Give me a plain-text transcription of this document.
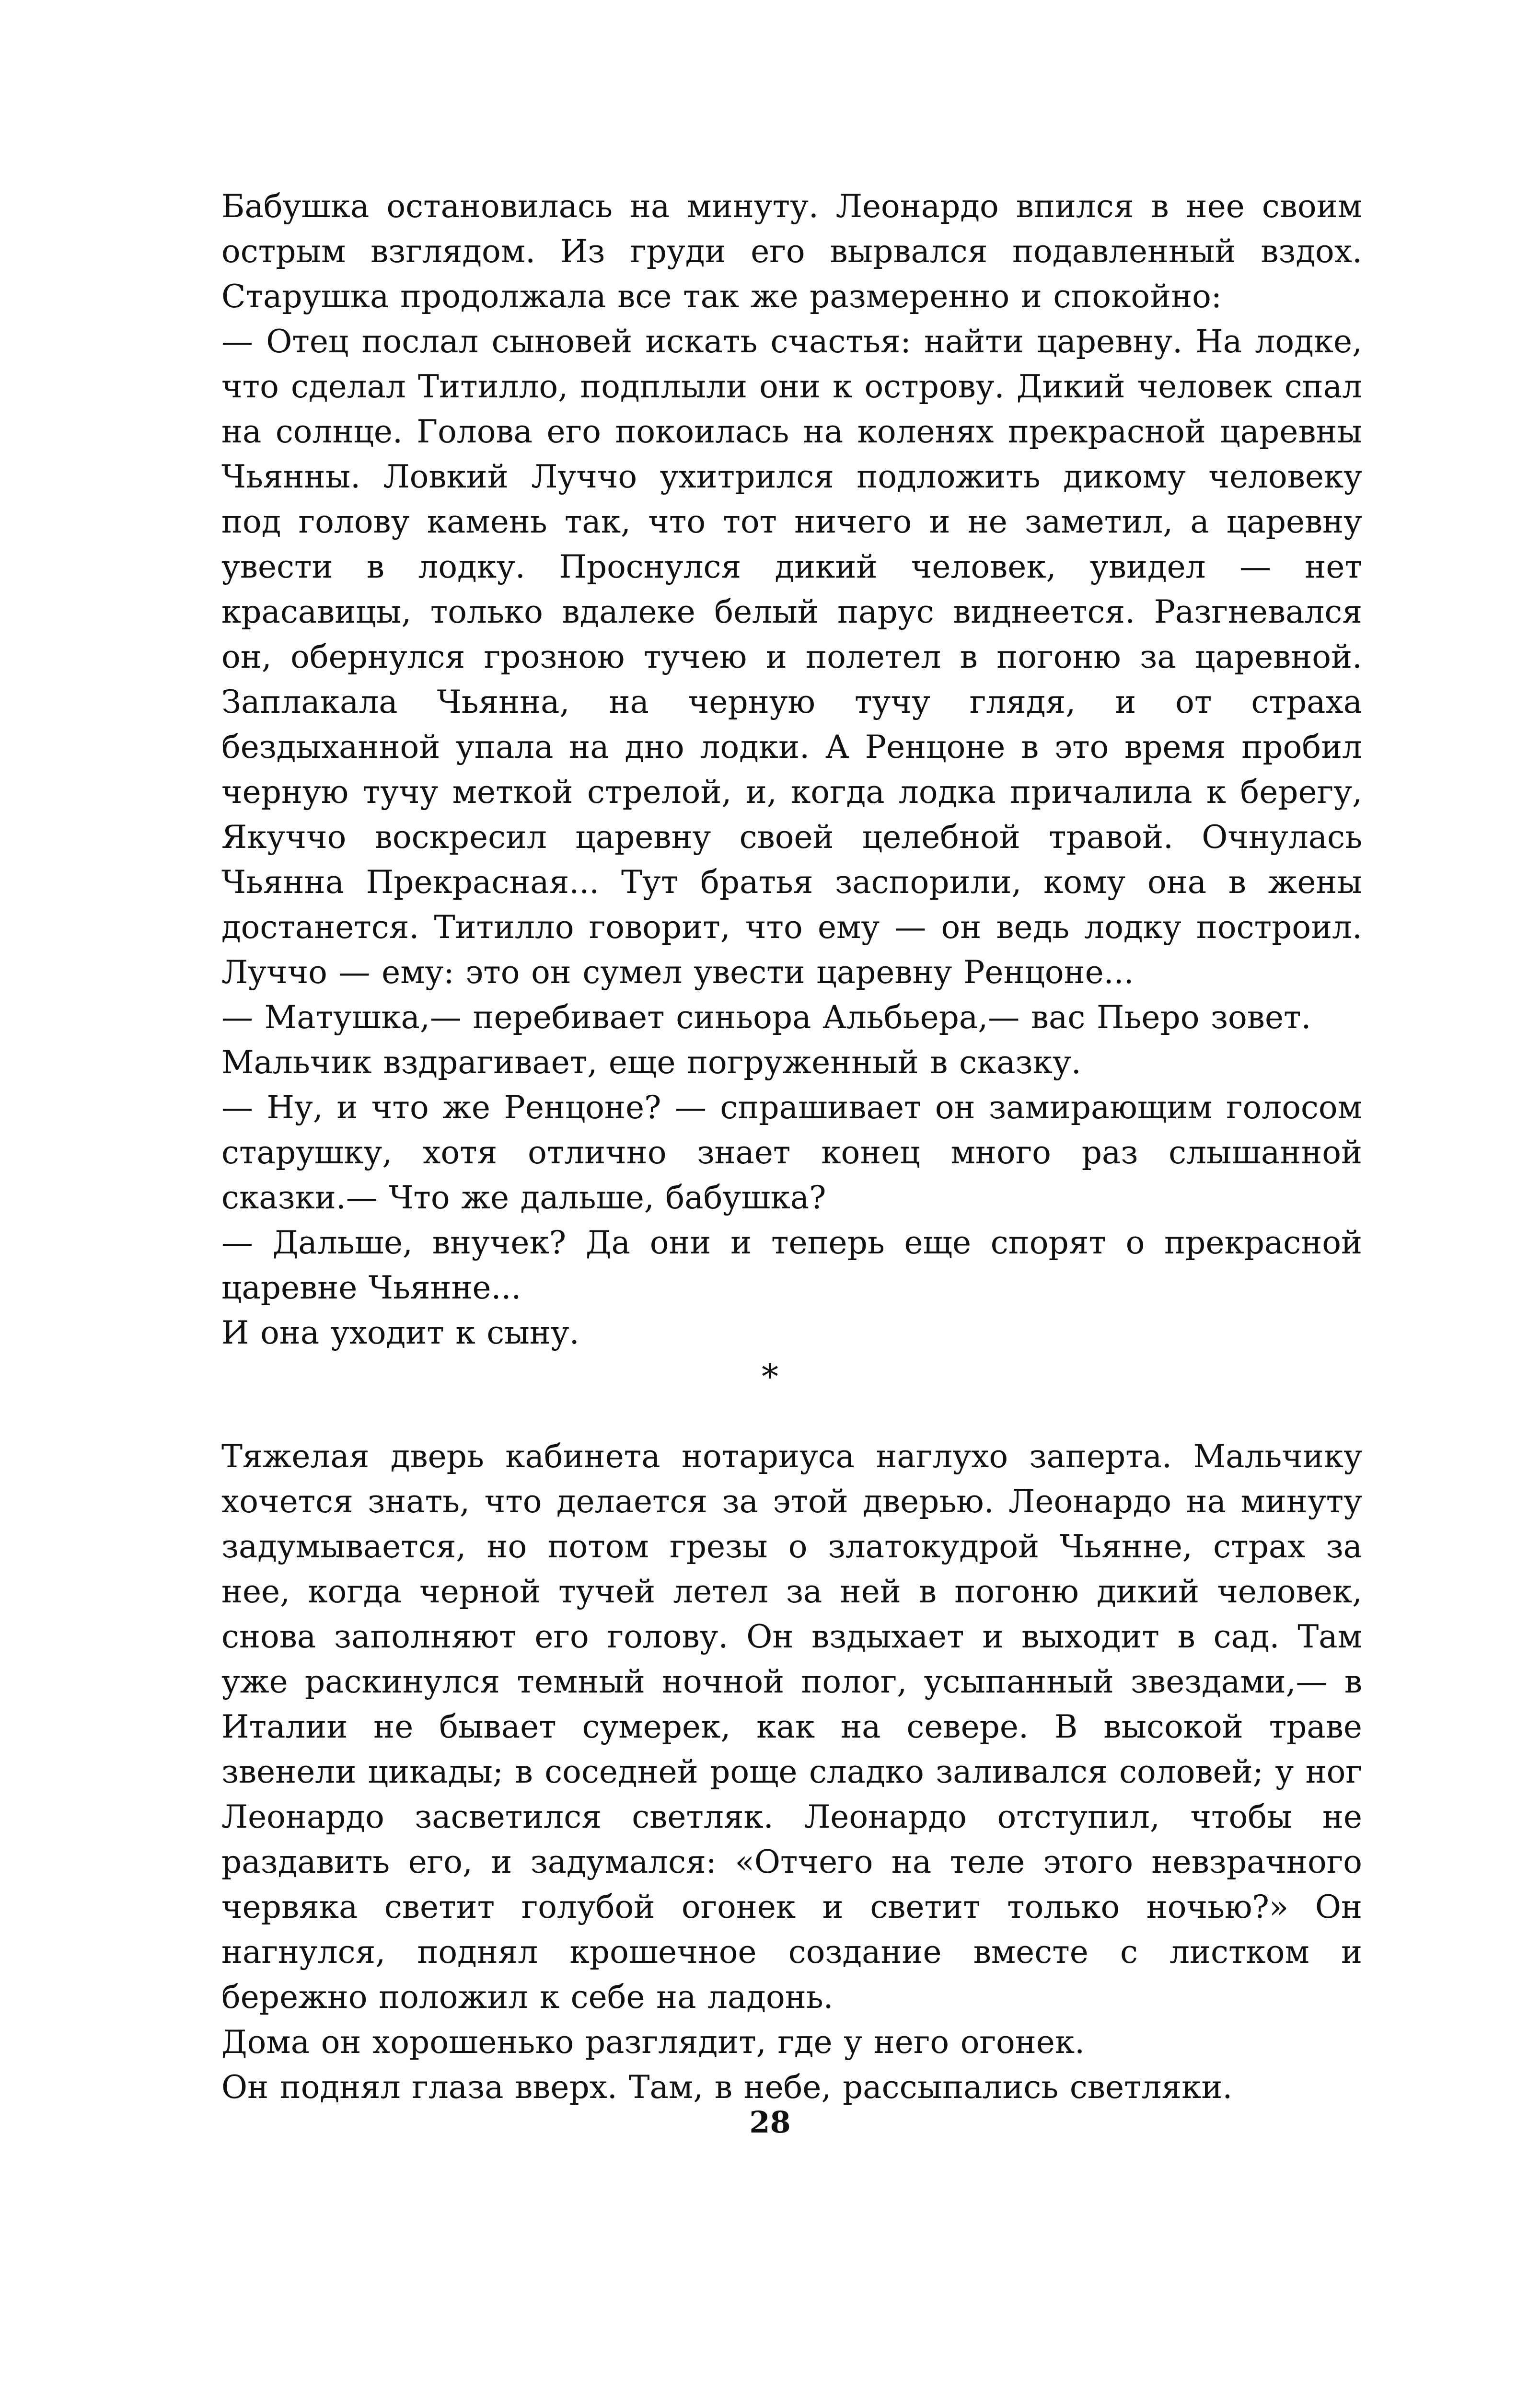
Бабушка остановилась на минуту. Леонардо впился в нее своим острым взглядом. Из груди его вырвался подавленный вздох. Старушка продолжала все так же размеренно и спокойно:

— Отец послал сыновей искать счастья: найти царевну. На лодке, что сделал Титилло, подплыли они к острову. Дикий человек спал на солнце. Голова его покоилась на коленях прекрасной царевны Чьянны. Ловкий Луччо ухитрился подложить дикому человеку под голову камень так, что тот ничего и не заметил, а царевну увести в лодку. Проснулся дикий человек, увидел — нет красавицы, только вдалеке белый парус виднеется. Разгневался он, обернулся грозною тучею и полетел в погоню за царевной. Заплакала Чьянна, на черную тучу глядя, и от страха бездыханной упала на дно лодки. А Ренцоне в это время пробил черную тучу меткой стрелой, и, когда лодка причалила к берегу, Якуччо воскресил царевну своей целебной травой. Очнулась Чьянна Прекрасная... Тут братья заспорили, кому она в жены достанется. Титилло говорит, что ему — он ведь лодку построил. Луччо — ему: это он сумел увести царевну Ренцоне...

— Матушка,— перебивает синьора Альбьера,— вас Пьеро зовет.

Мальчик вздрагивает, еще погруженный в сказку.

— Ну, и что же Ренцоне? — спрашивает он замирающим голосом старушку, хотя отлично знает конец много раз слышанной сказки.— Что же дальше, бабушка?

— Дальше, внучек? Да они и теперь еще спорят о прекрасной царевне Чьянне...

И она уходит к сыну.

*

Тяжелая дверь кабинета нотариуса наглухо заперта. Мальчику хочется знать, что делается за этой дверью. Леонардо на минуту задумывается, но потом грезы о златокудрой Чьянне, страх за нее, когда черной тучей летел за ней в погоню дикий человек, снова заполняют его голову. Он вздыхает и выходит в сад. Там уже раскинулся темный ночной полог, усыпанный звездами,— в Италии не бывает сумерек, как на севере. В высокой траве звенели цикады; в соседней роще сладко заливался соловей; у ног Леонардо засветился светляк. Леонардо отступил, чтобы не раздавить его, и задумался: «Отчего на теле этого невзрачного червяка светит голубой огонек и светит только ночью?» Он нагнулся, поднял крошечное создание вместе с листком и бережно положил к себе на ладонь.

Дома он хорошенько разглядит, где у него огонек.

Он поднял глаза вверх. Там, в небе, рассыпались светляки.

28
